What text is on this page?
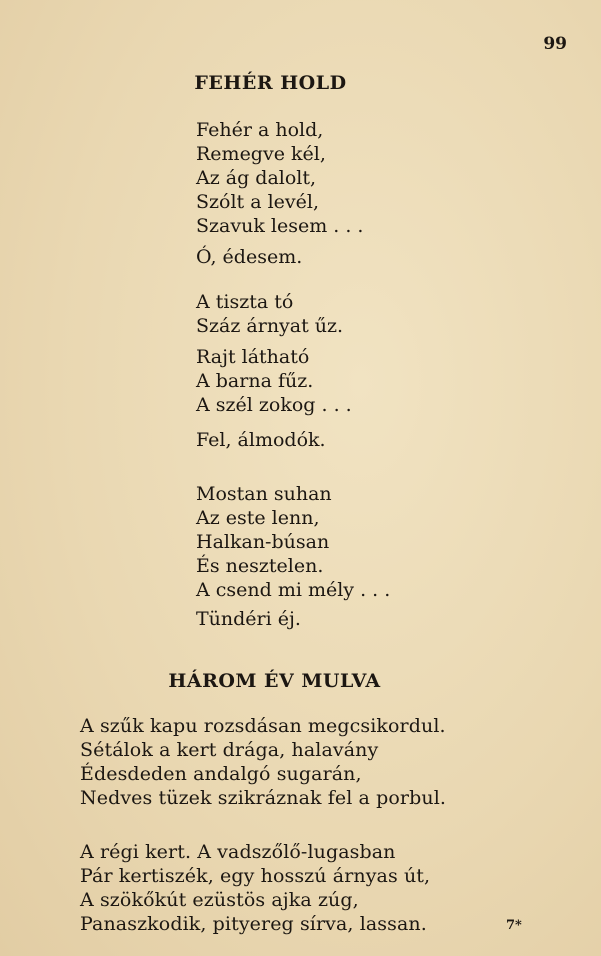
99
FEHÉR HOLD
Fehér a hold,
Remegve kél,
Az ág dalolt,
Szólt a levél,
Szavuk lesem . . .
Ó, édesem.
A tiszta tó
Száz árnyat űz.
Rajt látható
A barna fűz.
A szél zokog . . .
Fel, álmodók.
Mostan suhan
Az este lenn,
Halkan-búsan
És nesztelen.
A csend mi mély . . .
Tündéri éj.
HÁROM ÉV MULVA
A szűk kapu rozsdásan megcsikordul.
Sétálok a kert drága, halavány
Édesdeden andalgó sugarán,
Nedves tüzek szikráznak fel a porbul.
A régi kert. A vadszőlő-lugasban
Pár kertiszék, egy hosszú árnyas út,
A szökőkút ezüstös ajka zúg,
Panaszkodik, pityereg sírva, lassan.	7*
